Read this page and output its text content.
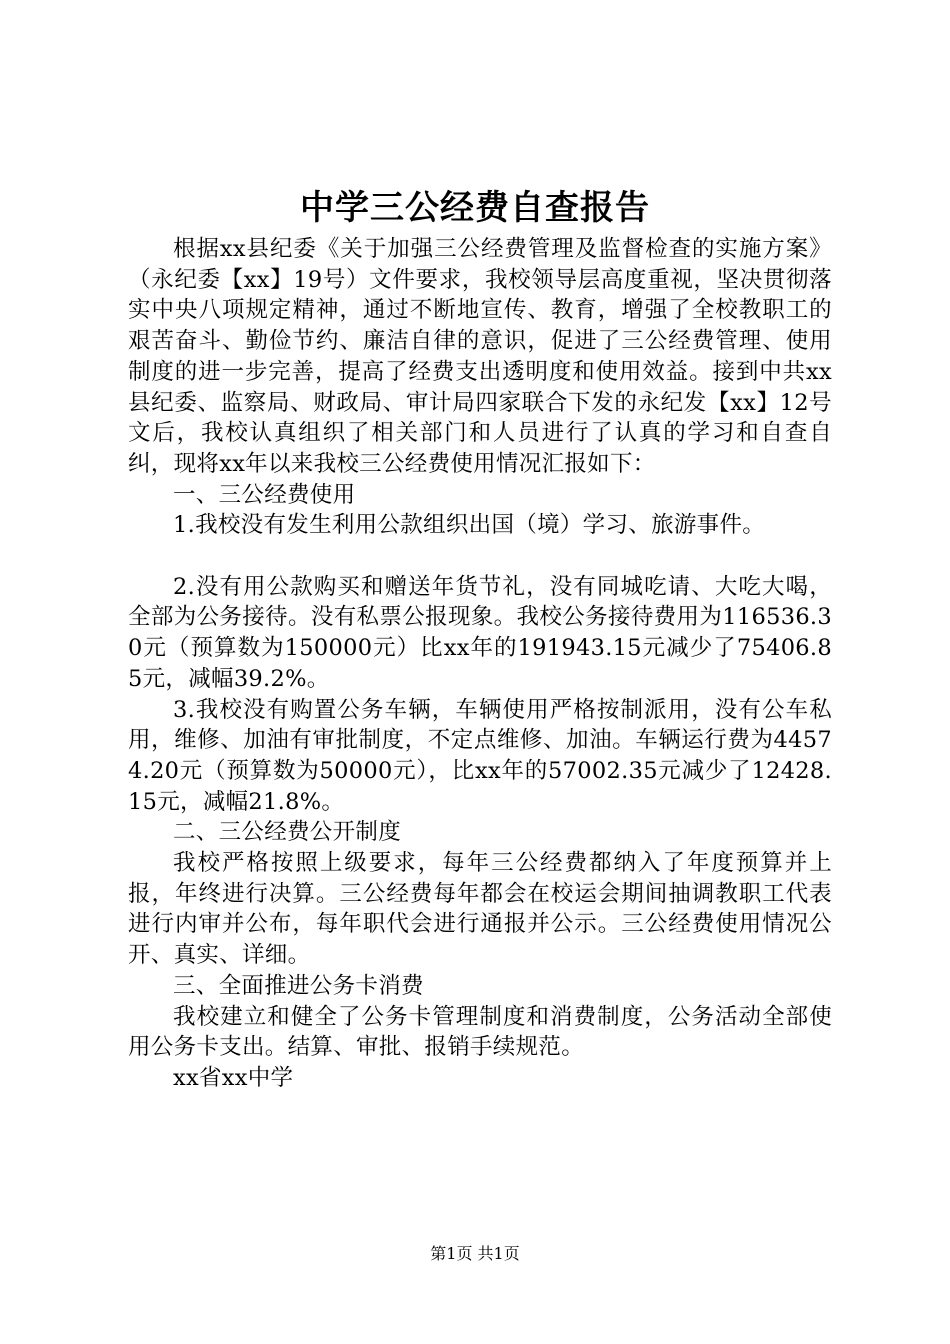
中学三公经费自查报告

根据xx县纪委《关于加强三公经费管理及监督检查的实施方案》（永纪委【xx】19号）文件要求，我校领导层高度重视，坚决贯彻落实中央八项规定精神，通过不断地宣传、教育，增强了全校教职工的艰苦奋斗、勤俭节约、廉洁自律的意识，促进了三公经费管理、使用制度的进一步完善，提高了经费支出透明度和使用效益。接到中共xx县纪委、监察局、财政局、审计局四家联合下发的永纪发【xx】12号文后，我校认真组织了相关部门和人员进行了认真的学习和自查自纠，现将xx年以来我校三公经费使用情况汇报如下：

一、三公经费使用

1.我校没有发生利用公款组织出国（境）学习、旅游事件。

2.没有用公款购买和赠送年货节礼，没有同城吃请、大吃大喝，全部为公务接待。没有私票公报现象。我校公务接待费用为116536.30元（预算数为150000元）比xx年的191943.15元减少了75406.85元，减幅39.2%。

3.我校没有购置公务车辆，车辆使用严格按制派用，没有公车私用，维修、加油有审批制度，不定点维修、加油。车辆运行费为44574.20元（预算数为50000元），比xx年的57002.35元减少了12428.15元，减幅21.8%。

二、三公经费公开制度

我校严格按照上级要求，每年三公经费都纳入了年度预算并上报，年终进行决算。三公经费每年都会在校运会期间抽调教职工代表进行内审并公布，每年职代会进行通报并公示。三公经费使用情况公开、真实、详细。

三、全面推进公务卡消费

我校建立和健全了公务卡管理制度和消费制度，公务活动全部使用公务卡支出。结算、审批、报销手续规范。

xx省xx中学

第1页 共1页
